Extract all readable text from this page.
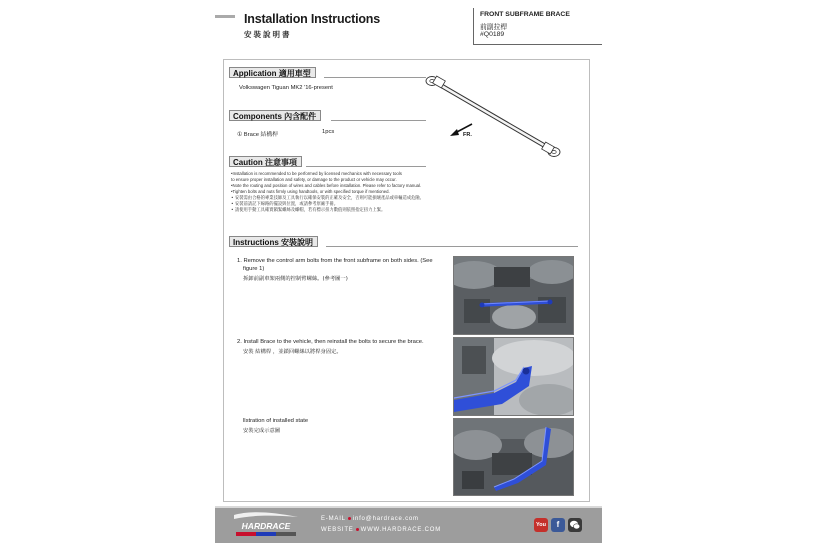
Installation Instructions
安裝說明書
FRONT SUBFRAME BRACE
前副拉桿
#Q0189
Application 適用車型
Volkswagen Tiguan MK2 '16-present
Components 內含配件
① Brace 結構桿	1pcs	FR.
Caution 注意事項
•Installation is recommended to be performed by licensed mechanics with necessary tools
to ensure proper installation and safety, or damage to the product or vehicle may occur.
•Note the routing and position of wires and cables before installation. Please refer to factory manual.
•Tighten bolts and nuts firmly using handtools, or with specified torque if mentioned.
• 安裝需由合格的專業技師及工具執行以確保安裝的正確及安全，否則可能損壞產品或車輛造成危險。
• 安裝前請記下線路的擺設與位置，或請參考原廠手冊。
• 請使用手動工具確實鎖緊螺絲及螺帽，若有標示扭力數值則依照指定扭力上緊。
Instructions 安裝說明
1. Remove the control arm bolts from the front subframe on both sides. (See
figure 1)
拆卸前副車架兩側的控制臂螺絲。(參考圖一)
2. Install Brace to the vehicle, then reinstall the bolts to secure the brace.
安裝 結構桿 ，並鎖回螺絲以將桿身固定。
llstration of installed state
安裝完成示意圖
HARDRACE
E-MAIL info@hardrace.com
WEBSITE WWW.HARDRACE.COM
You	f
